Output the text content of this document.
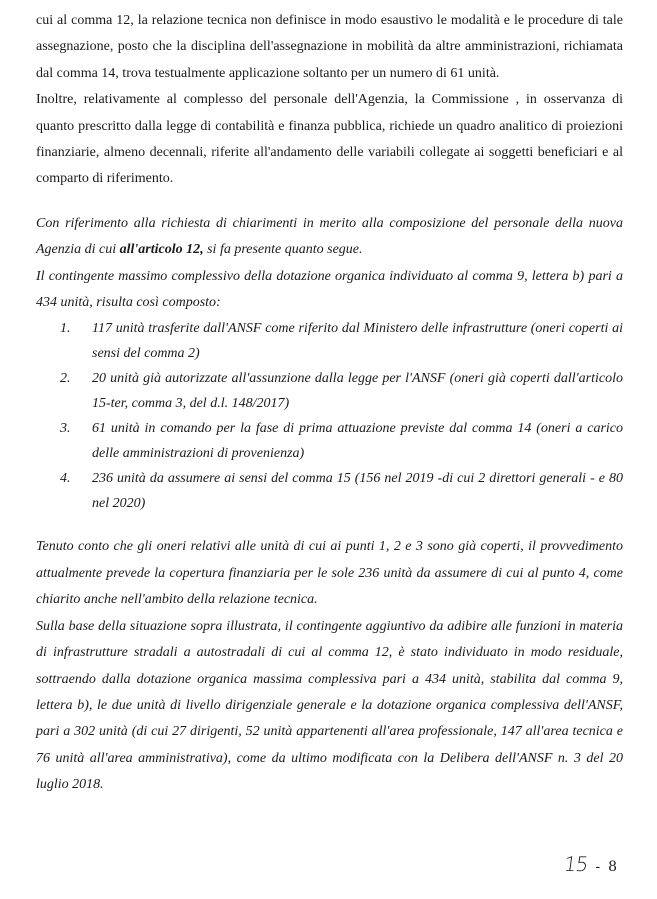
cui al comma 12, la relazione tecnica non definisce in modo esaustivo le modalità e le procedure di tale assegnazione, posto che la disciplina dell'assegnazione in mobilità da altre amministrazioni, richiamata dal comma 14, trova testualmente applicazione soltanto per un numero di 61 unità.

Inoltre, relativamente al complesso del personale dell'Agenzia, la Commissione , in osservanza di quanto prescritto dalla legge di contabilità e finanza pubblica, richiede un quadro analitico di proiezioni finanziarie, almeno decennali, riferite all'andamento delle variabili collegate ai soggetti beneficiari e al comparto di riferimento.

Con riferimento alla richiesta di chiarimenti in merito alla composizione del personale della nuova Agenzia di cui all'articolo 12, si fa presente quanto segue.

Il contingente massimo complessivo della dotazione organica individuato al comma 9, lettera b) pari a 434 unità, risulta così composto:

1. 117 unità trasferite dall'ANSF come riferito dal Ministero delle infrastrutture (oneri coperti ai sensi del comma 2)
2. 20 unità già autorizzate all'assunzione dalla legge per l'ANSF (oneri già coperti dall'articolo 15-ter, comma 3, del d.l. 148/2017)
3. 61 unità in comando per la fase di prima attuazione previste dal comma 14 (oneri a carico delle amministrazioni di provenienza)
4. 236 unità da assumere ai sensi del comma 15 (156 nel 2019 -di cui 2 direttori generali - e 80 nel 2020)

Tenuto conto che gli oneri relativi alle unità di cui ai punti 1, 2 e 3 sono già coperti, il provvedimento attualmente prevede la copertura finanziaria per le sole 236 unità da assumere di cui al punto 4, come chiarito anche nell'ambito della relazione tecnica.

Sulla base della situazione sopra illustrata, il contingente aggiuntivo da adibire alle funzioni in materia di infrastrutture stradali a autostradali di cui al comma 12, è stato individuato in modo residuale, sottraendo dalla dotazione organica massima complessiva pari a 434 unità, stabilita dal comma 9, lettera b), le due unità di livello dirigenziale generale e la dotazione organica complessiva dell'ANSF, pari a 302 unità (di cui 27 dirigenti, 52 unità appartenenti all'area professionale, 147 all'area tecnica e 76 unità all'area amministrativa), come da ultimo modificata con la Delibera dell'ANSF n. 3 del 20 luglio 2018.

15 - 8
